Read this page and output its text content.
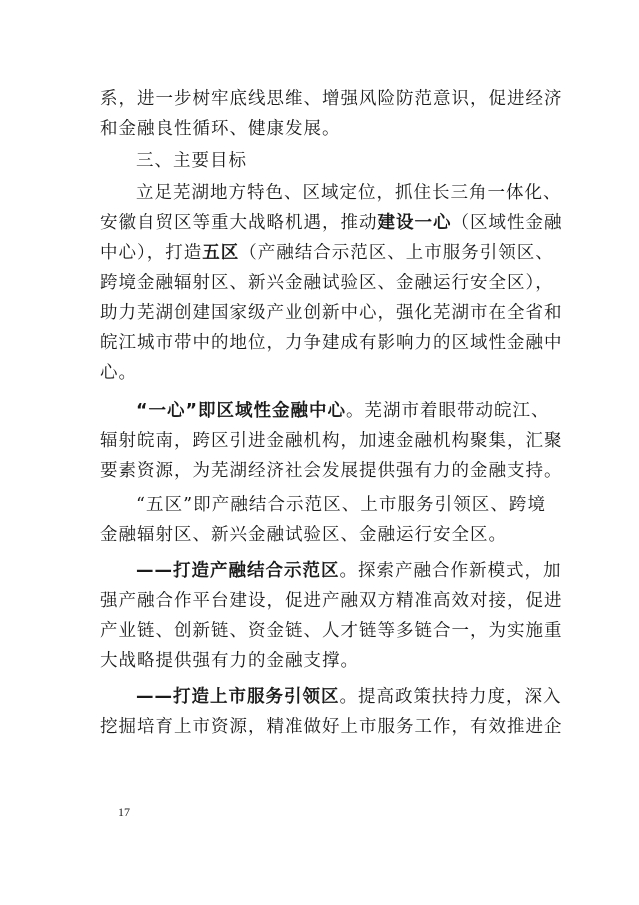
系，进一步树牢底线思维、增强风险防范意识，促进经济
和金融良性循环、健康发展。
三、主要目标
立足芜湖地方特色、区域定位，抓住长三角一体化、
安徽自贸区等重大战略机遇，推动建设一心（区域性金融
中心），打造五区（产融结合示范区、上市服务引领区、
跨境金融辐射区、新兴金融试验区、金融运行安全区），
助力芜湖创建国家级产业创新中心，强化芜湖市在全省和
皖江城市带中的地位，力争建成有影响力的区域性金融中
心。
“一心”即区域性金融中心。芜湖市着眼带动皖江、
辐射皖南，跨区引进金融机构，加速金融机构聚集，汇聚
要素资源，为芜湖经济社会发展提供强有力的金融支持。
“五区”即产融结合示范区、上市服务引领区、跨境
金融辐射区、新兴金融试验区、金融运行安全区。
——打造产融结合示范区。探索产融合作新模式，加
强产融合作平台建设，促进产融双方精准高效对接，促进
产业链、创新链、资金链、人才链等多链合一，为实施重
大战略提供强有力的金融支撑。
——打造上市服务引领区。提高政策扶持力度，深入
挖掘培育上市资源，精准做好上市服务工作，有效推进企
17
